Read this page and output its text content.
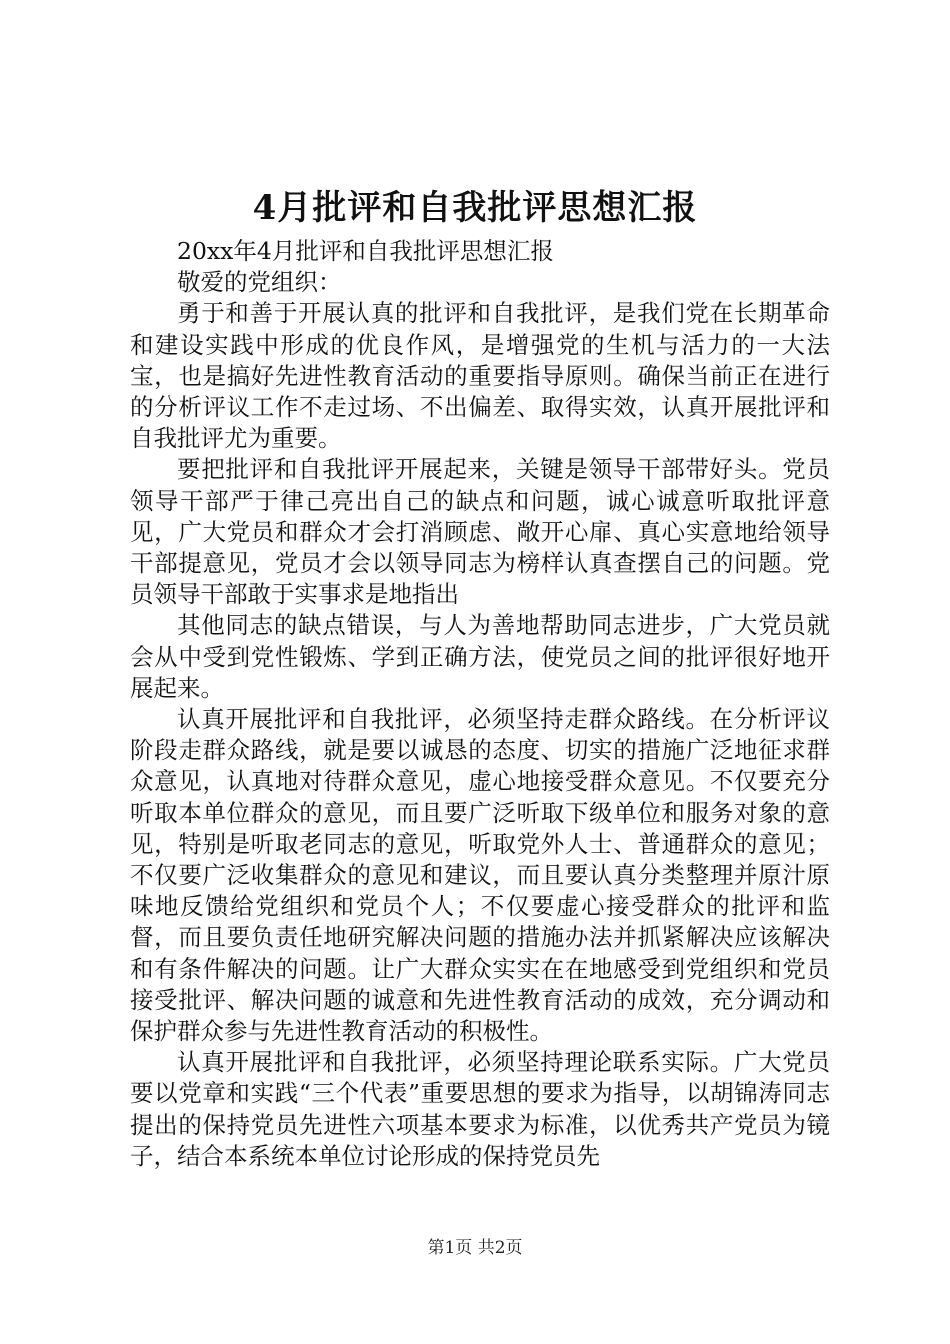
4月批评和自我批评思想汇报

20xx年4月批评和自我批评思想汇报

敬爱的党组织：

勇于和善于开展认真的批评和自我批评，是我们党在长期革命和建设实践中形成的优良作风，是增强党的生机与活力的一大法宝，也是搞好先进性教育活动的重要指导原则。确保当前正在进行的分析评议工作不走过场、不出偏差、取得实效，认真开展批评和自我批评尤为重要。

要把批评和自我批评开展起来，关键是领导干部带好头。党员领导干部严于律己亮出自己的缺点和问题，诚心诚意听取批评意见，广大党员和群众才会打消顾虑、敞开心扉、真心实意地给领导干部提意见，党员才会以领导同志为榜样认真查摆自己的问题。党员领导干部敢于实事求是地指出

其他同志的缺点错误，与人为善地帮助同志进步，广大党员就会从中受到党性锻炼、学到正确方法，使党员之间的批评很好地开展起来。

认真开展批评和自我批评，必须坚持走群众路线。在分析评议阶段走群众路线，就是要以诚恳的态度、切实的措施广泛地征求群众意见，认真地对待群众意见，虚心地接受群众意见。不仅要充分听取本单位群众的意见，而且要广泛听取下级单位和服务对象的意见，特别是听取老同志的意见，听取党外人士、普通群众的意见；不仅要广泛收集群众的意见和建议，而且要认真分类整理并原汁原味地反馈给党组织和党员个人；不仅要虚心接受群众的批评和监督，而且要负责任地研究解决问题的措施办法并抓紧解决应该解决和有条件解决的问题。让广大群众实实在在地感受到党组织和党员接受批评、解决问题的诚意和先进性教育活动的成效，充分调动和保护群众参与先进性教育活动的积极性。

认真开展批评和自我批评，必须坚持理论联系实际。广大党员要以党章和实践“三个代表”重要思想的要求为指导，以胡锦涛同志提出的保持党员先进性六项基本要求为标准，以优秀共产党员为镜子，结合本系统本单位讨论形成的保持党员先

第1页 共2页
